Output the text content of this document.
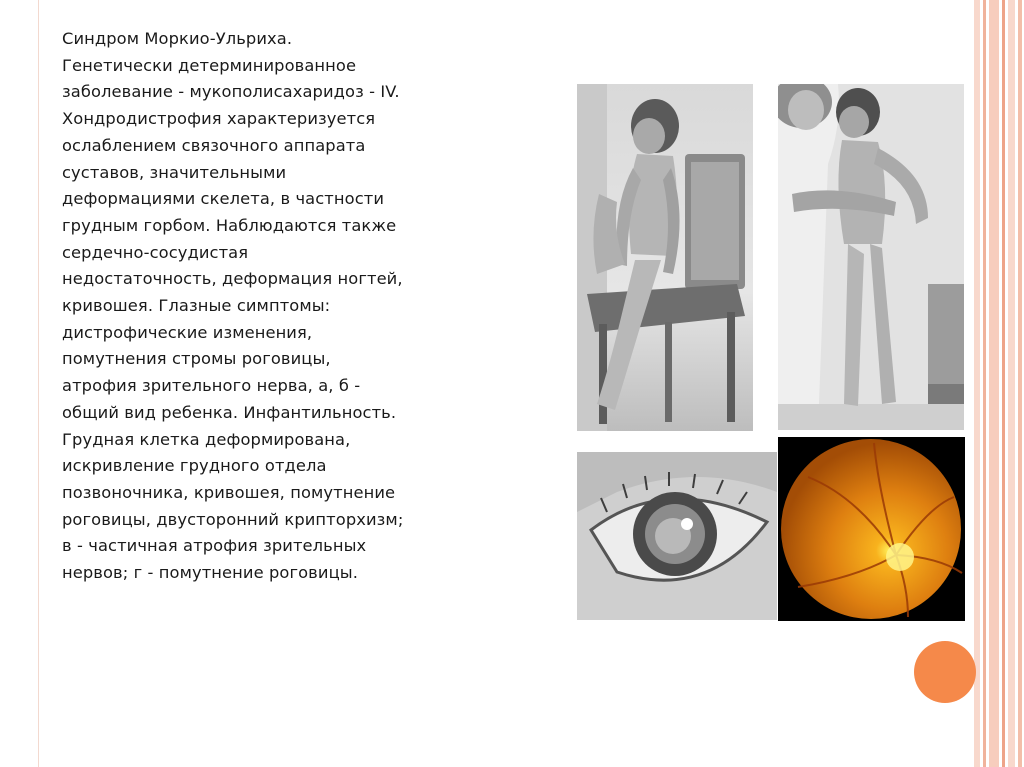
Синдром Моркио-Ульриха.
Генетически детерминированное
заболевание - мукополисахаридоз - IV.
Хондродистрофия характеризуется
ослаблением связочного аппарата
суставов, значительными
деформациями скелета, в частности
грудным горбом. Наблюдаются также
сердечно-сосудистая
недостаточность, деформация ногтей,
кривошея. Глазные симптомы:
дистрофические изменения,
помутнения стромы роговицы,
атрофия зрительного нерва, а, б -
общий вид ребенка. Инфантильность.
Грудная клетка деформирована,
искривление грудного отдела
позвоночника, кривошея, помутнение
роговицы, двусторонний крипторхизм;
в - частичная атрофия зрительных
нервов; г - помутнение роговицы.
